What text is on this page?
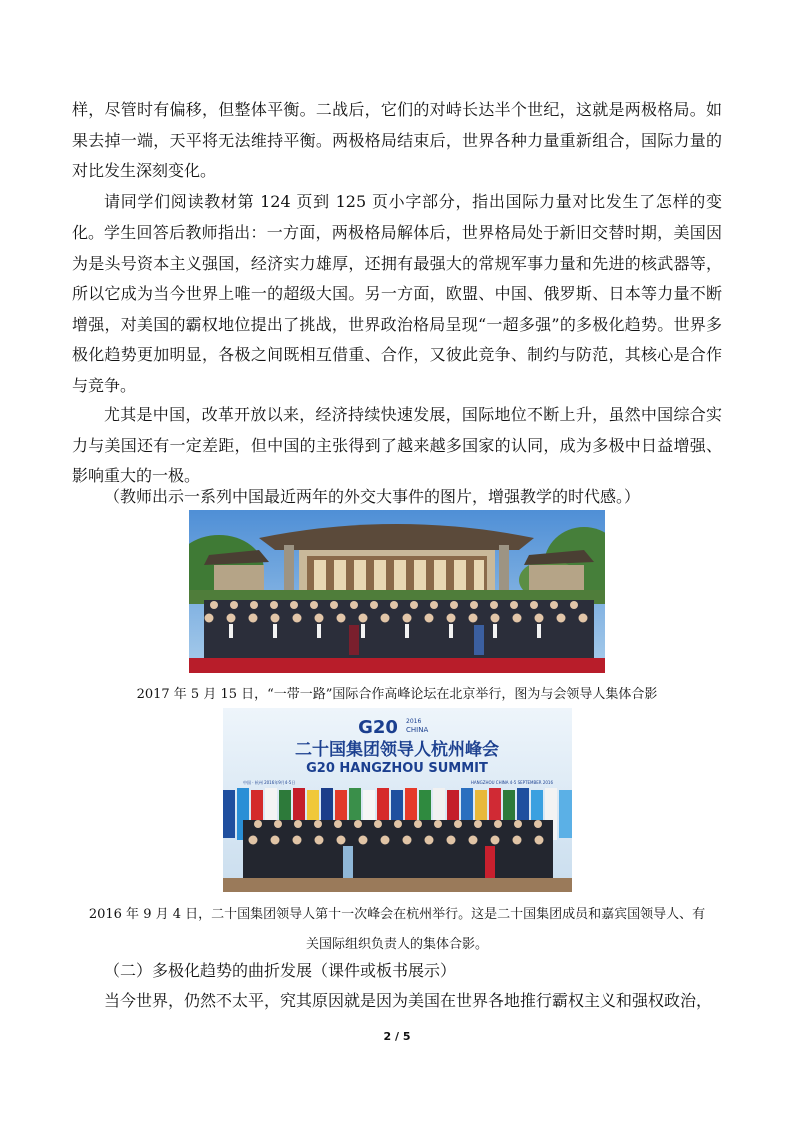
样，尽管时有偏移，但整体平衡。二战后，它们的对峙长达半个世纪，这就是两极格局。如果去掉一端，天平将无法维持平衡。两极格局结束后，世界各种力量重新组合，国际力量的对比发生深刻变化。

请同学们阅读教材第 124 页到 125 页小字部分，指出国际力量对比发生了怎样的变化。 学生回答后教师指出：一方面，两极格局解体后，世界格局处于新旧交替时期，美国因为是头号资本主义强国，经济实力雄厚，还拥有最强大的常规军事力量和先进的核武器等，所以它成为当今世界上唯一的超级大国。另一方面，欧盟、中国、俄罗斯、日本等力量不断增强，对美国的霸权地位提出了挑战，世界政治格局呈现“一超多强”的多极化趋势。世界多极化趋势更加明显，各极之间既相互借重、合作，又彼此竞争、制约与防范，其核心是合作与竞争。

尤其是中国，改革开放以来，经济持续快速发展，国际地位不断上升，虽然中国综合实力与美国还有一定差距，但中国的主张得到了越来越多国家的认同，成为多极中日益增强、影响重大的一极。

（教师出示一系列中国最近两年的外交大事件的图片，增强教学的时代感。）

2017 年 5 月 15 日，“一带一路”国际合作高峰论坛在北京举行，图为与会领导人集体合影

G20 2016
CHINA
二十国集团领导人杭州峰会
G20 HANGZHOU SUMMIT
中国 · 杭州 2016年9月4-5日	HANGZHOU CHINA 4-5 SEPTEMBER 2016

2016 年 9 月 4 日，二十国集团领导人第十一次峰会在杭州举行。这是二十国集团成员和嘉宾国领导人、有

关国际组织负责人的集体合影。

（二）多极化趋势的曲折发展（课件或板书展示）

当今世界，仍然不太平，究其原因就是因为美国在世界各地推行霸权主义和强权政治，

2 / 5
